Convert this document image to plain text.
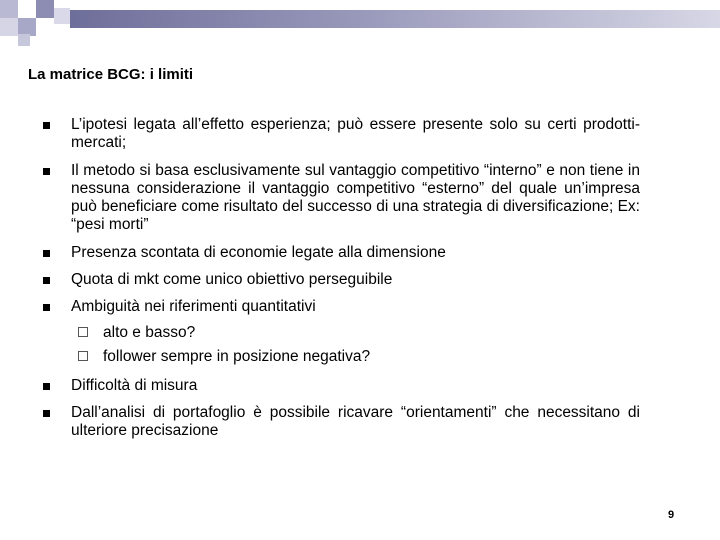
La matrice BCG: i limiti
L’ipotesi legata all’effetto esperienza; può essere presente solo su certi prodotti-mercati;
Il metodo si basa esclusivamente sul vantaggio competitivo “interno” e non tiene in nessuna considerazione il vantaggio competitivo “esterno” del quale un’impresa può beneficiare come risultato del successo di una strategia di diversificazione; Ex: “pesi morti”
Presenza scontata di economie legate alla dimensione
Quota di mkt come unico obiettivo perseguibile
Ambiguità nei riferimenti quantitativi
alto e basso?
follower sempre in posizione negativa?
Difficoltà di misura
Dall’analisi di portafoglio è possibile ricavare “orientamenti” che necessitano di ulteriore precisazione
9
